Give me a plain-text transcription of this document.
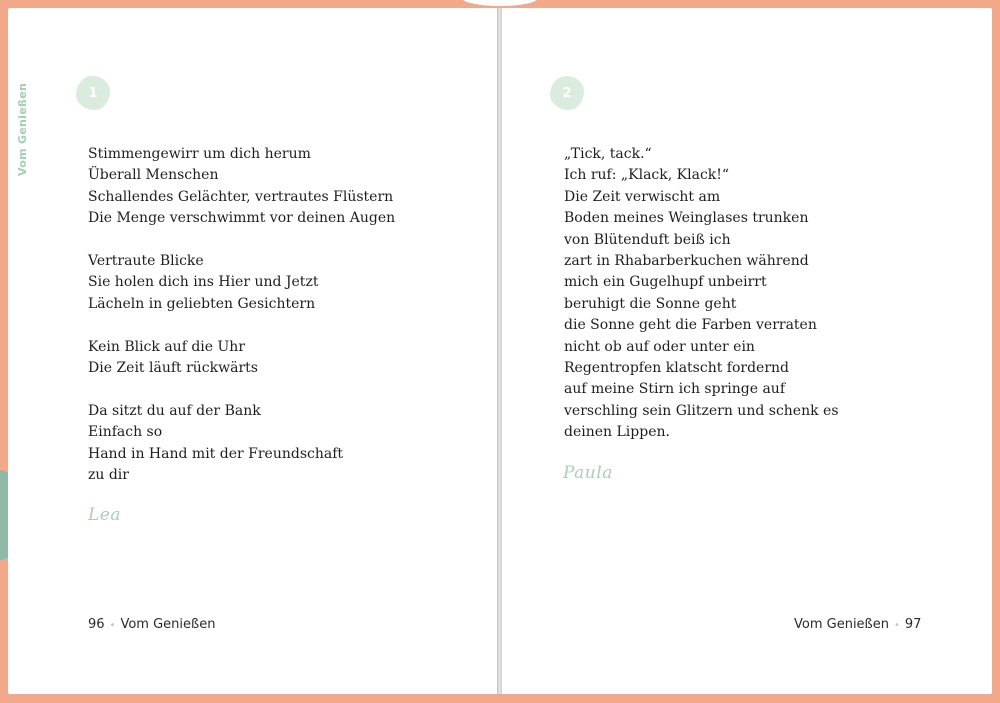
Vom Genießen	1	2
Stimmengewirr um dich herum
Überall Menschen
Schallendes Gelächter, vertrautes Flüstern
Die Menge verschwimmt vor deinen Augen
Vertraute Blicke
Sie holen dich ins Hier und Jetzt
Lächeln in geliebten Gesichtern
Kein Blick auf die Uhr
Die Zeit läuft rückwärts
Da sitzt du auf der Bank
Einfach so
Hand in Hand mit der Freundschaft
zu dir
„Tick, tack.“
Ich ruf: „Klack, Klack!“
Die Zeit verwischt am
Boden meines Weinglases trunken
von Blütenduft beiß ich
zart in Rhabarberkuchen während
mich ein Gugelhupf unbeirrt
beruhigt die Sonne geht
die Sonne geht die Farben verraten
nicht ob auf oder unter ein
Regentropfen klatscht fordernd
auf meine Stirn ich springe auf
verschling sein Glitzern und schenk es
deinen Lippen.
Lea
Paula
96 • Vom Genießen	Vom Genießen • 97
